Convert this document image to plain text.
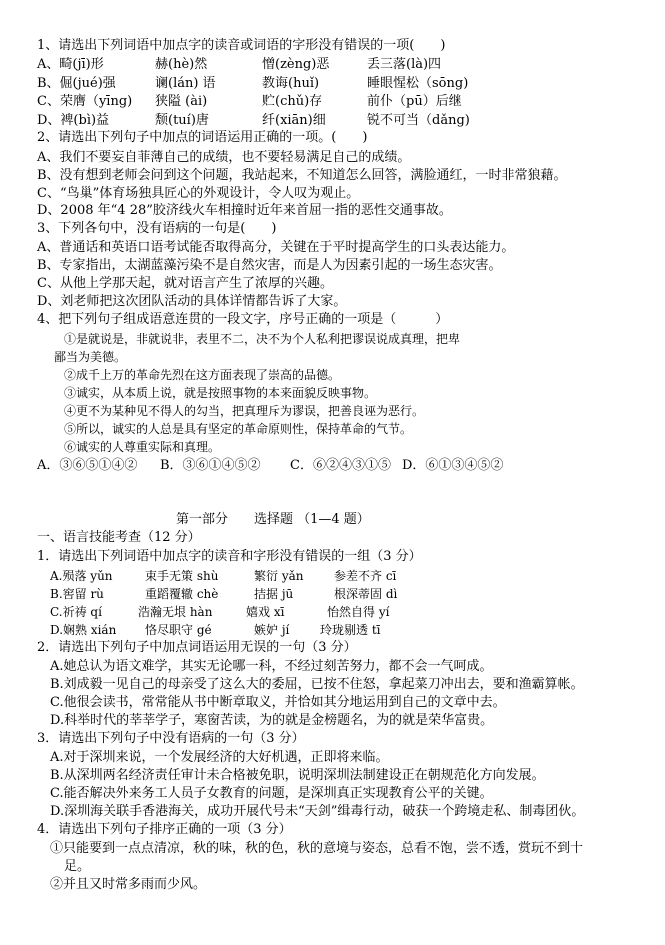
1、请选出下列词语中加点字的读音或词语的字形没有错误的一项(　　)
A、畸(jī)形	赫(hè)然	憎(zèng)恶	丢三落(là)四
B、倔(jué)强	谰(lán) 语	教诲(huǐ)	睡眼惺松（sōng)
C、荣膺（yīng) 狭隘 (ài)	贮(chǔ)存	前仆（pū）后继
D、裨(bì)益	颓(tuí)唐	纤(xiān)细	锐不可当（dǎng)
2、请选出下列句子中加点的词语运用正确的一项。(　　)
A、我们不要妄自菲薄自己的成绩，也不要轻易满足自己的成绩。
B、没有想到老师会问到这个问题，我站起来，不知道怎么回答，满脸通红，一时非常狼藉。
C、“鸟巢”体育场独具匠心的外观设计，令人叹为观止。
D、2008 年“4 28”胶济线火车相撞时近年来首屈一指的恶性交通事故。
3、下列各句中，没有语病的一句是(　　)
A、普通话和英语口语考试能否取得高分，关键在于平时提高学生的口头表达能力。
B、专家指出，太湖蓝藻污染不是自然灾害，而是人为因素引起的一场生态灾害。
C、从他上学那天起，就对语言产生了浓厚的兴趣。
D、刘老师把这次团队活动的具体详情都告诉了大家。
4、把下列句子组成语意连贯的一段文字，序号正确的一项是（　　　）
①是就说是，非就说非，表里不二，决不为个人私利把谬误说成真理，把卑
鄙当为美德。
②成千上万的革命先烈在这方面表现了崇高的品德。
③诚实，从本质上说，就是按照事物的本来面貌反映事物。
④更不为某种见不得人的勾当，把真理斥为谬误，把善良诬为恶行。
⑤所以，诚实的人总是具有坚定的革命原则性，保持革命的气节。
⑥诚实的人尊重实际和真理。
A．③⑥⑤①④② B．③⑥①④⑤② C．⑥②④③①⑤ D．⑥①③④⑤②
第一部分　　选择题 （1—4 题）
一、语言技能考查（12 分）
1．请选出下列词语中加点字的读音和字形没有错误的一组（3 分）
A.殒落 yǔn	束手无策 shù	繁衍 yǎn	参差不齐 cī
B.窖留 rù	重蹈覆辙 chè	拮据 jū	根深蒂固 dì
C.祈祷 qí	浩瀚无垠 hàn	嬉戏 xī	怡然自得 yí
D.娴熟 xián 恪尽职守 gé	嫉妒 jí	玲珑剔透 tī
2．请选出下列句子中加点词语运用无误的一句（3 分）
A.她总认为语文难学，其实无论哪一科，不经过刻苦努力，都不会一气呵成。
B.刘成毅一见自己的母亲受了这么大的委屈，已按不住怒，拿起菜刀冲出去，要和渔霸算帐。
C.他很会读书，常常能从书中断章取义，并恰如其分地运用到自己的文章中去。
D.科举时代的莘莘学子，寒窗苦读，为的就是金榜题名，为的就是荣华富贵。
3．请选出下列句子中没有语病的一句（3 分）
A.对于深圳来说，一个发展经济的大好机遇，正即将来临。
B.从深圳两名经济责任审计未合格被免职，说明深圳法制建设正在朝规范化方向发展。
C.能否解决外来务工人员子女教育的问题，是深圳真正实现教育公平的关键。
D.深圳海关联手香港海关，成功开展代号未“天剑”缉毒行动，破获一个跨境走私、制毒团伙。
4．请选出下列句子排序正确的一项（3 分）
①只能要到一点点清凉，秋的味，秋的色，秋的意境与姿态，总看不饱，尝不透，赏玩不到十
足。
②并且又时常多雨而少风。
